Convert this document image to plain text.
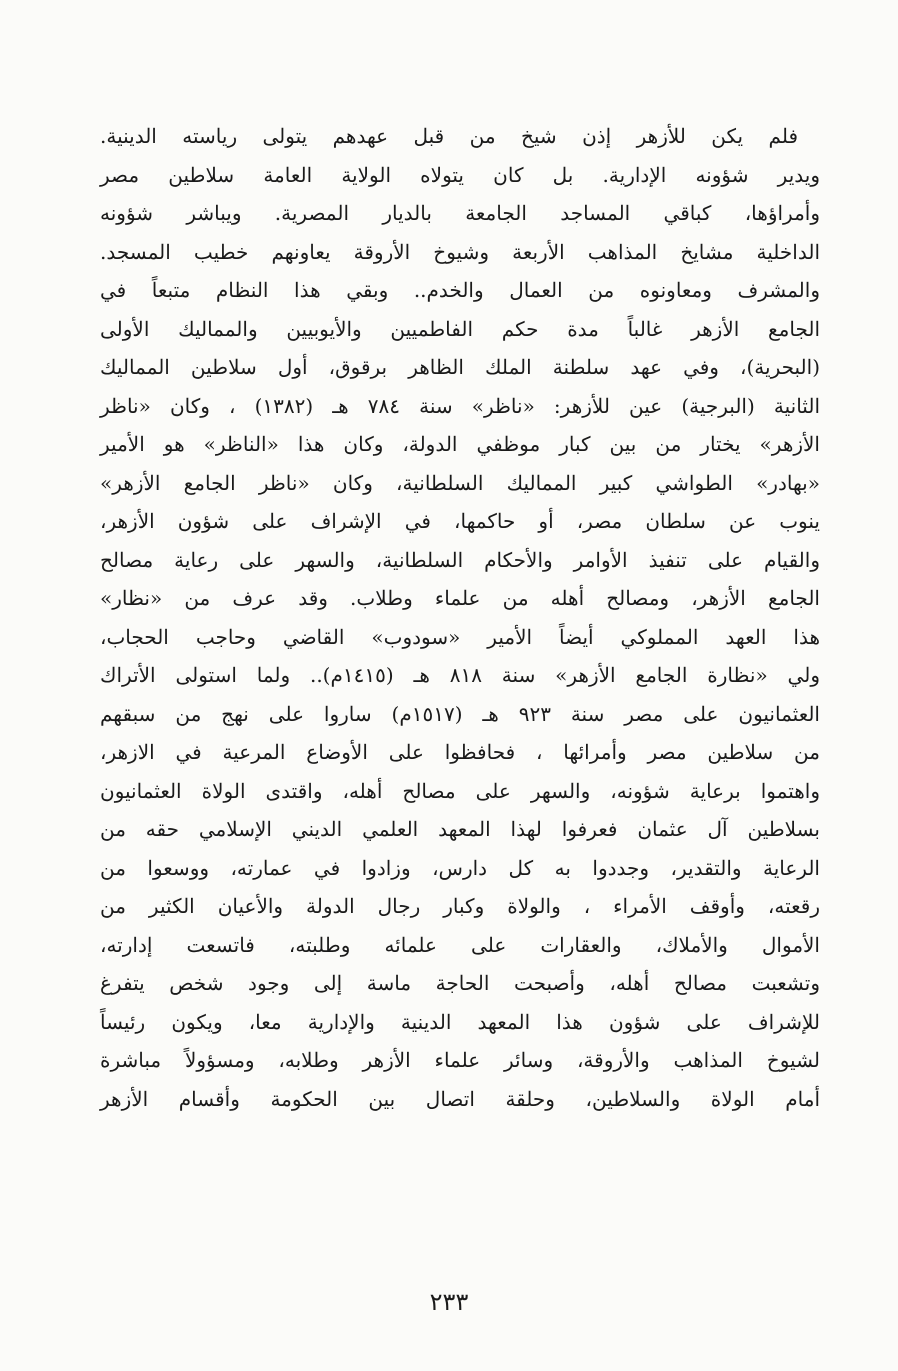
فلم يكن للأزهر إذن شيخ من قبل عهدهم يتولى رياسته الدينية.
ويدير شؤونه الإدارية. بل كان يتولاه الولاية العامة سلاطين مصر
وأمراؤها، كباقي المساجد الجامعة بالديار المصرية. ويباشر شؤونه
الداخلية مشايخ المذاهب الأربعة وشيوخ الأروقة يعاونهم خطيب المسجد.
والمشرف ومعاونوه من العمال والخدم.. وبقي هذا النظام متبعاً في
الجامع الأزهر غالباً مدة حكم الفاطميين والأيوبيين والمماليك الأولى
(البحرية)، وفي عهد سلطنة الملك الظاهر برقوق، أول سلاطين المماليك
الثانية (البرجية) عين للأزهر: «ناظر» سنة ٧٨٤ هـ (١٣٨٢) ، وكان «ناظر
الأزهر» يختار من بين كبار موظفي الدولة، وكان هذا «الناظر» هو الأمير
«بهادر» الطواشي كبير المماليك السلطانية، وكان «ناظر الجامع الأزهر»
ينوب عن سلطان مصر، أو حاكمها، في الإشراف على شؤون الأزهر،
والقيام على تنفيذ الأوامر والأحكام السلطانية، والسهر على رعاية مصالح
الجامع الأزهر، ومصالح أهله من علماء وطلاب. وقد عرف من «نظار»
هذا العهد المملوكي أيضاً الأمير «سودوب» القاضي وحاجب الحجاب،
ولي «نظارة الجامع الأزهر» سنة ٨١٨ هـ (١٤١٥م).. ولما استولى الأتراك
العثمانيون على مصر سنة ٩٢٣ هـ (١٥١٧م) ساروا على نهج من سبقهم
من سلاطين مصر وأمرائها ، فحافظوا على الأوضاع المرعية في الازهر،
واهتموا برعاية شؤونه، والسهر على مصالح أهله، واقتدى الولاة العثمانيون
بسلاطين آل عثمان فعرفوا لهذا المعهد العلمي الديني الإسلامي حقه من
الرعاية والتقدير، وجددوا به كل دارس، وزادوا في عمارته، ووسعوا من
رقعته، وأوقف الأمراء ، والولاة وكبار رجال الدولة والأعيان الكثير من
الأموال والأملاك، والعقارات على علمائه وطلبته، فاتسعت إدارته،
وتشعبت مصالح أهله، وأصبحت الحاجة ماسة إلى وجود شخص يتفرغ
للإشراف على شؤون هذا المعهد الدينية والإدارية معا، ويكون رئيساً
لشيوخ المذاهب والأروقة، وسائر علماء الأزهر وطلابه، ومسؤولاً مباشرة
أمام الولاة والسلاطين، وحلقة اتصال بين الحكومة وأقسام الأزهر
٢٣٣
